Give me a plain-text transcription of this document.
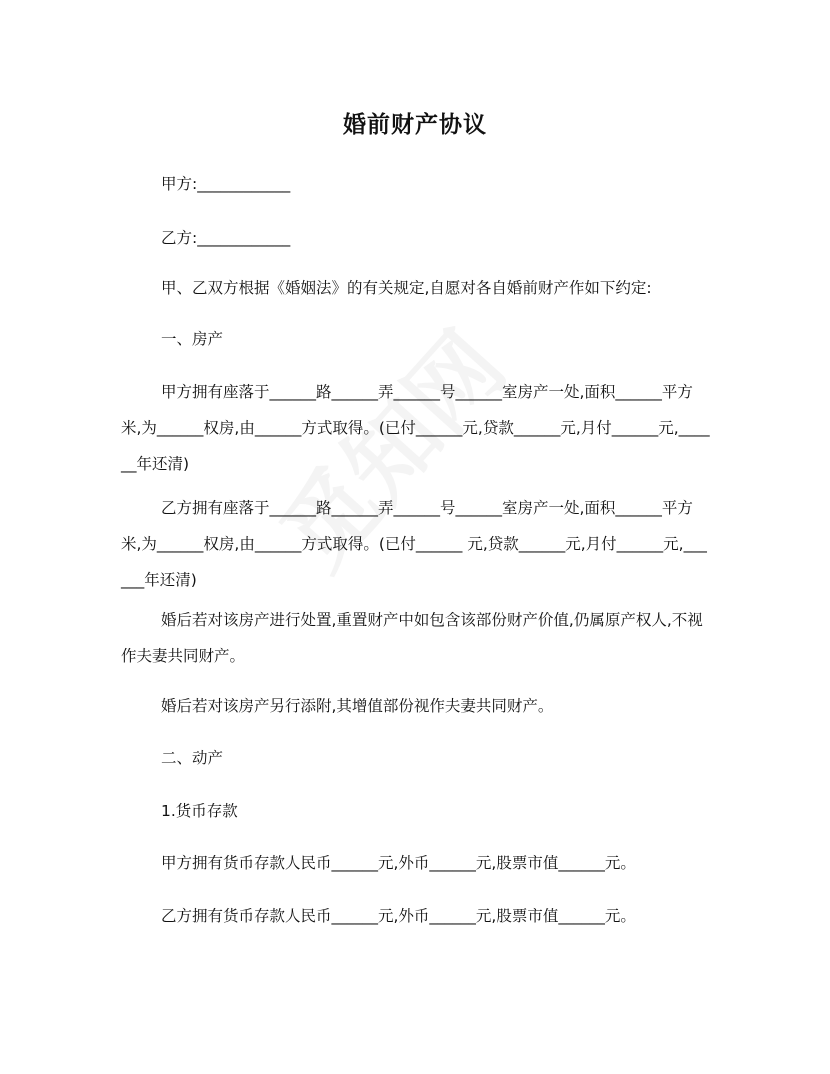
婚前财产协议
甲方:____________
乙方:____________
甲、乙双方根据《婚姻法》的有关规定,自愿对各自婚前财产作如下约定:
一、房产

甲方拥有座落于______路______弄______号______室房产一处,面积______平方米,为______权房,由______方式取得。(已付______元,贷款______元,月付______元,____ __年还清)

乙方拥有座落于______路______弄______号______室房产一处,面积______平方米,为______权房,由______方式取得。(已付______ 元,贷款______元,月付______元,___ ___年还清)

婚后若对该房产进行处置,重置财产中如包含该部份财产价值,仍属原产权人,不视作夫妻共同财产。

婚后若对该房产另行添附,其增值部份视作夫妻共同财产。
二、动产
1.货币存款
甲方拥有货币存款人民币______元,外币______元,股票市值______元。
乙方拥有货币存款人民币______元,外币______元,股票市值______元。
